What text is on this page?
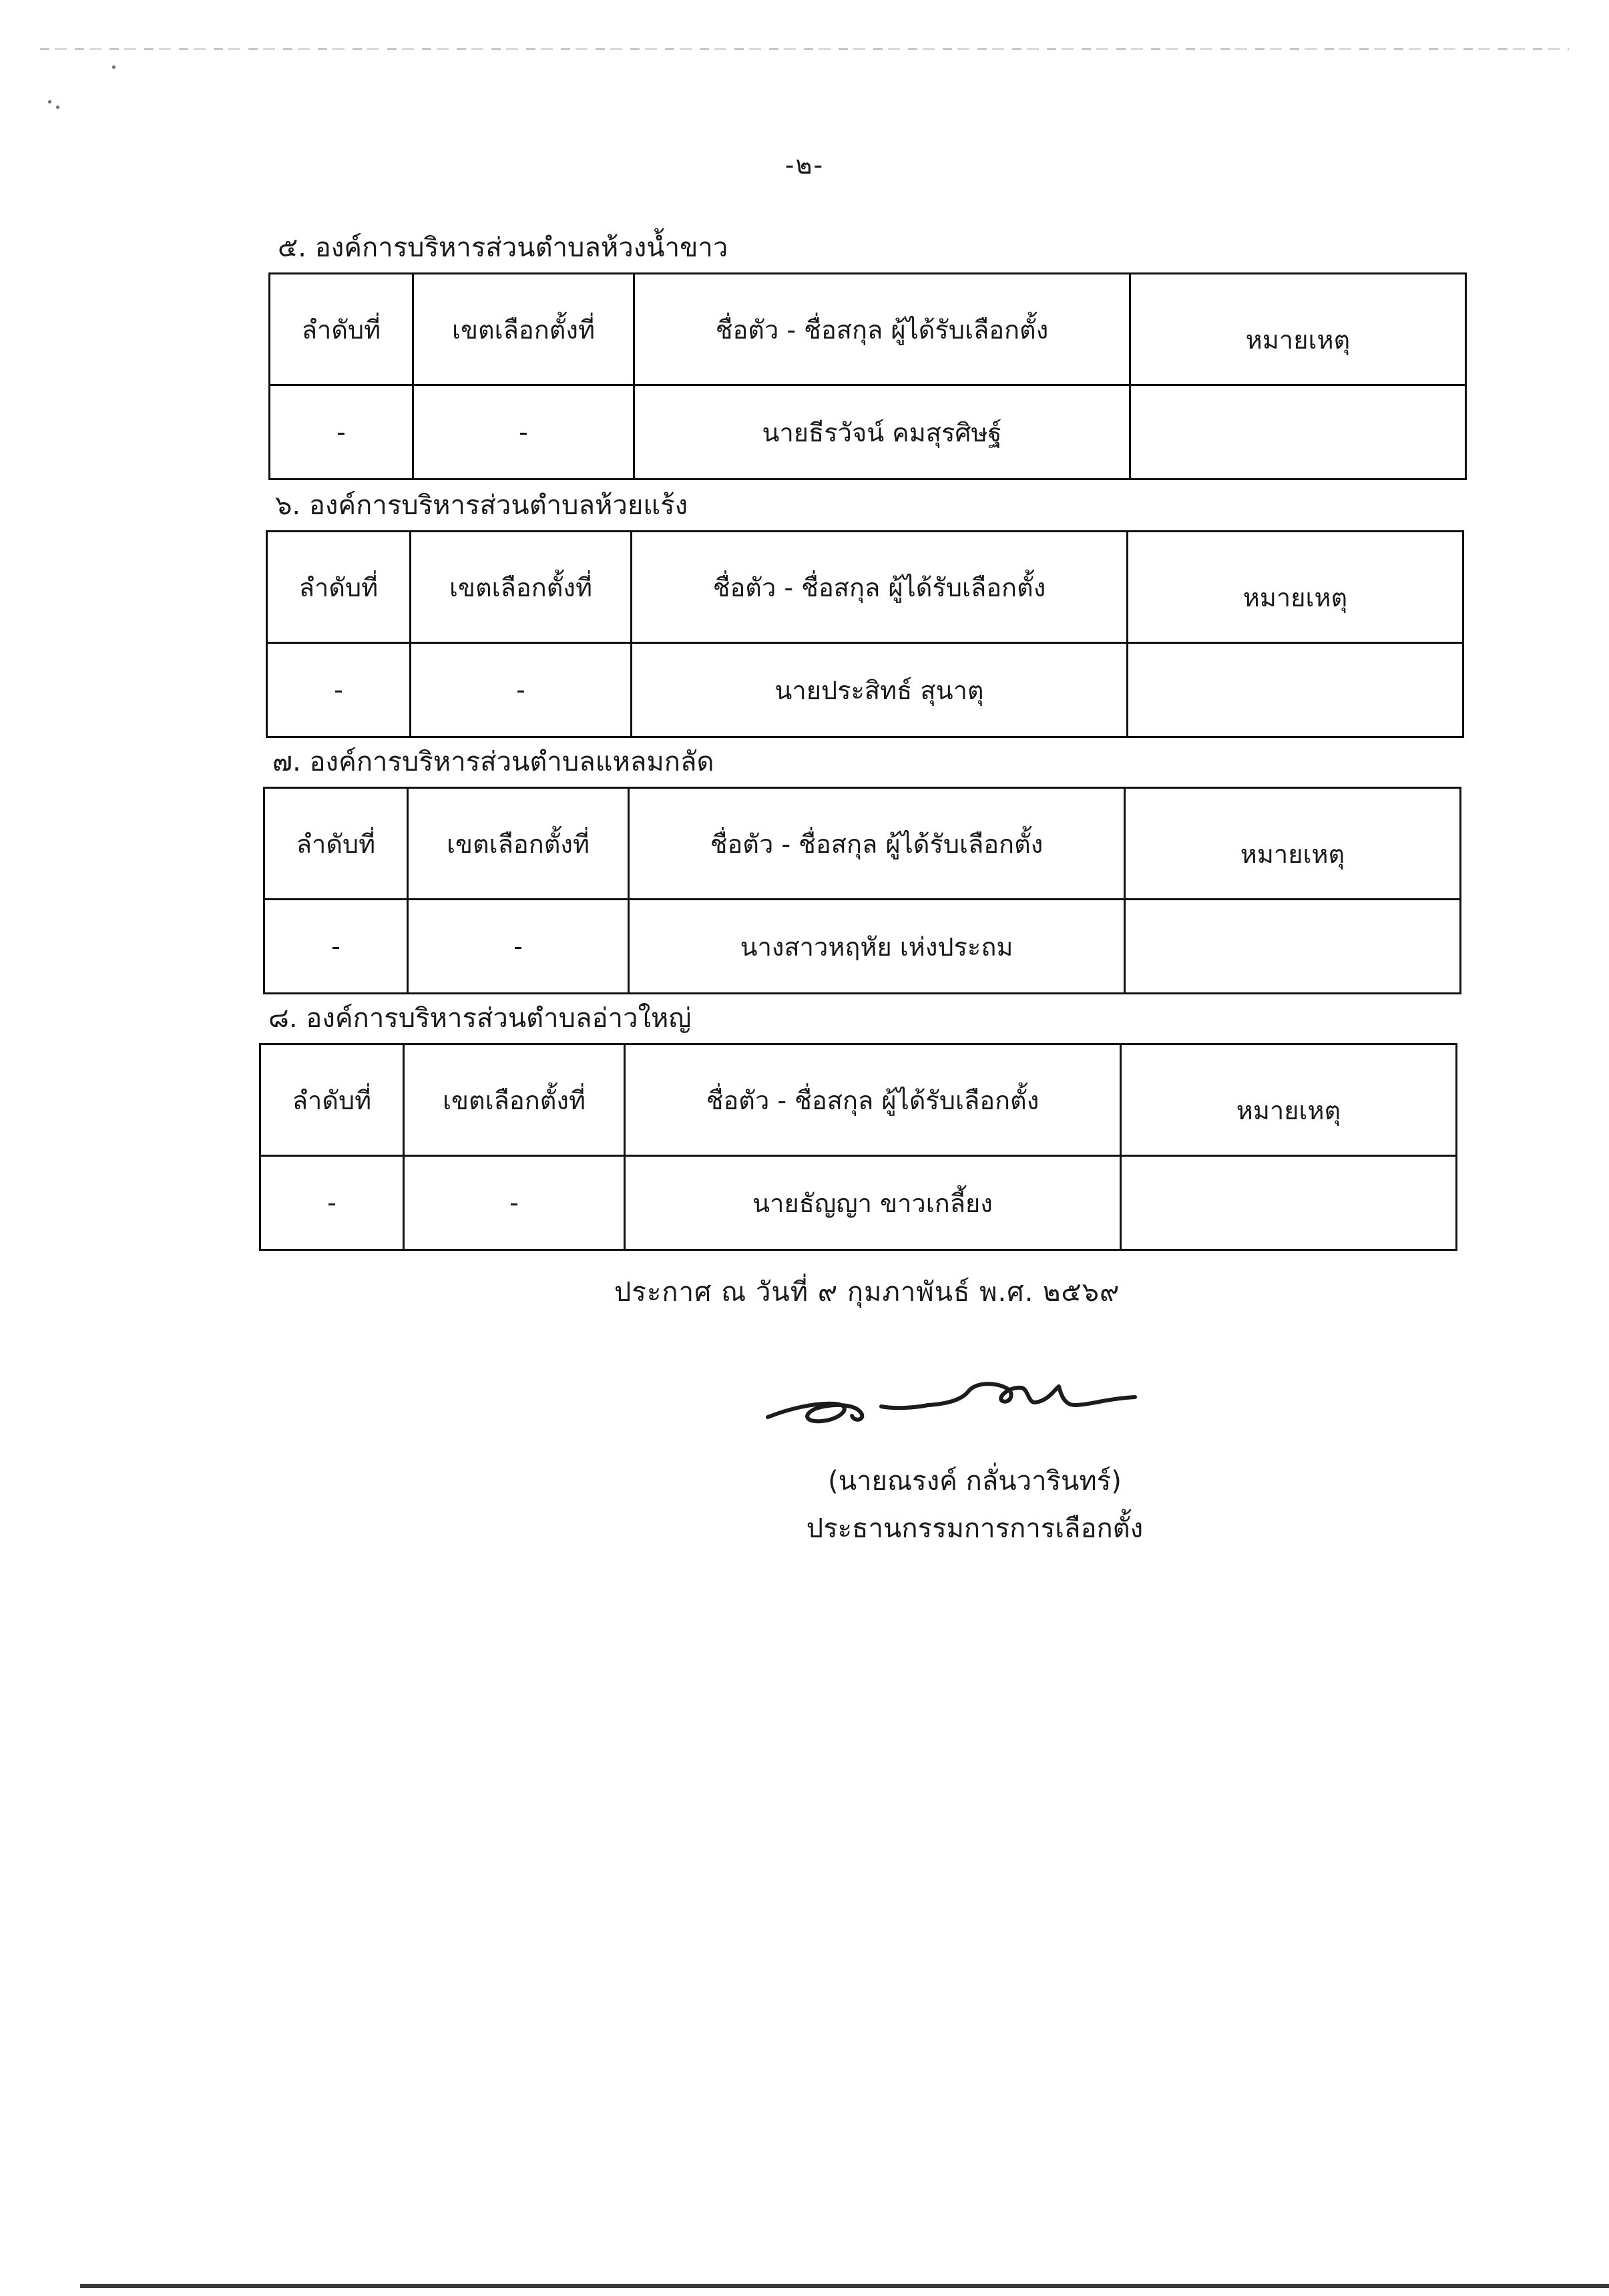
-๒-
๕. องค์การบริหารส่วนตำบลห้วงน้ำขาว
ลำดับที่	เขตเลือกตั้งที่	ชื่อตัว - ชื่อสกุล ผู้ได้รับเลือกตั้ง	หมายเหตุ
-	-	นายธีรวัจน์ คมสุรศิษฐ์	
๖. องค์การบริหารส่วนตำบลห้วยแร้ง
ลำดับที่	เขตเลือกตั้งที่	ชื่อตัว - ชื่อสกุล ผู้ได้รับเลือกตั้ง	หมายเหตุ
-	-	นายประสิทธ์ สุนาตุ	
๗. องค์การบริหารส่วนตำบลแหลมกลัด
ลำดับที่	เขตเลือกตั้งที่	ชื่อตัว - ชื่อสกุล ผู้ได้รับเลือกตั้ง	หมายเหตุ
-	-	นางสาวหฤหัย เห่งประถม	
๘. องค์การบริหารส่วนตำบลอ่าวใหญ่
ลำดับที่	เขตเลือกตั้งที่	ชื่อตัว - ชื่อสกุล ผู้ได้รับเลือกตั้ง	หมายเหตุ
-	-	นายธัญญา ขาวเกลี้ยง	
ประกาศ ณ วันที่ ๙ กุมภาพันธ์ พ.ศ. ๒๕๖๙
(นายณรงค์ กลั่นวารินทร์)
ประธานกรรมการการเลือกตั้ง
